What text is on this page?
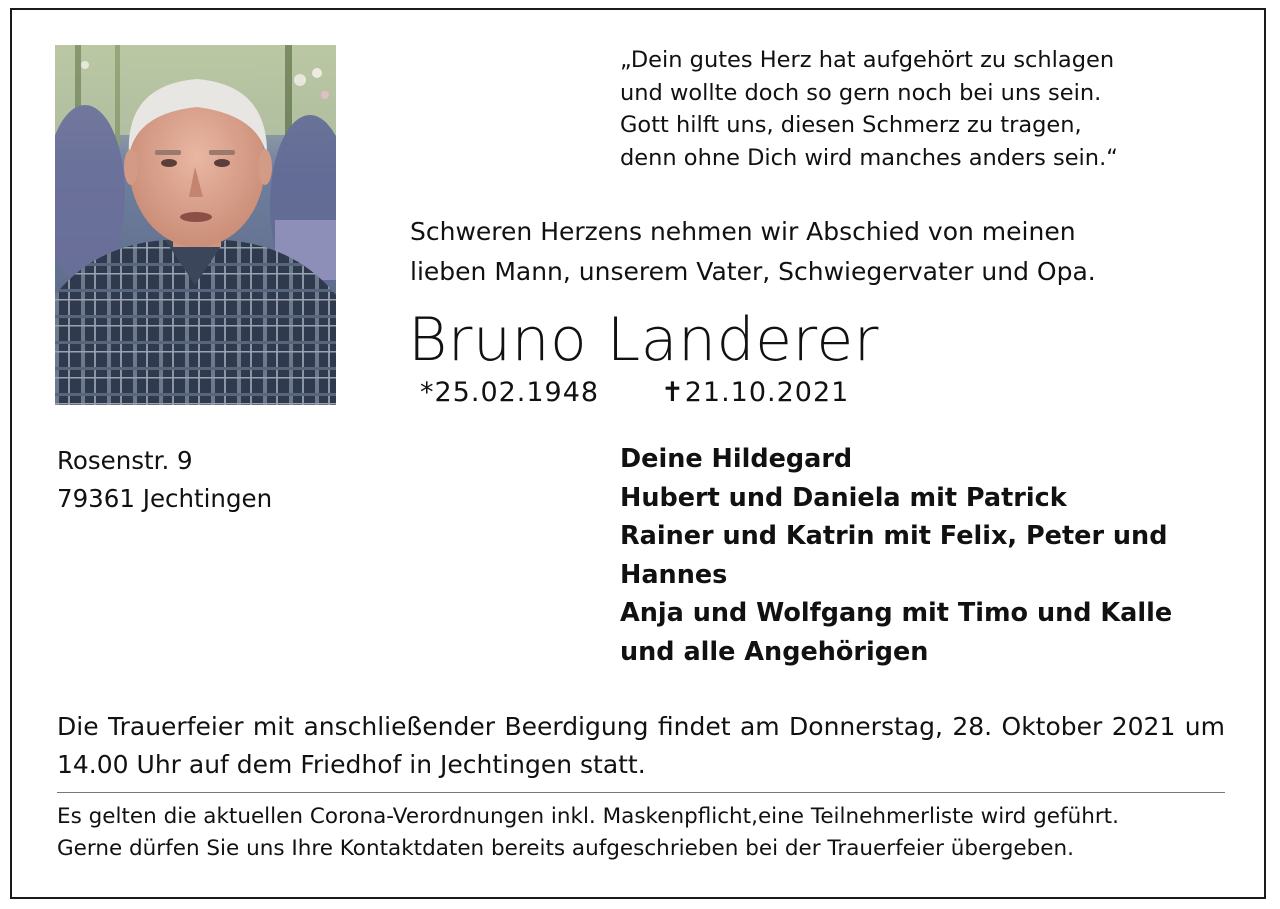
„Dein gutes Herz hat aufgehört zu schlagen
und wollte doch so gern noch bei uns sein.
Gott hilft uns, diesen Schmerz zu tragen,
denn ohne Dich wird manches anders sein.“
Schweren Herzens nehmen wir Abschied von meinen
lieben Mann, unserem Vater, Schwiegervater und Opa.
Bruno Landerer
*25.02.1948 ✝21.10.2021
Rosenstr. 9
79361 Jechtingen
Deine Hildegard
Hubert und Daniela mit Patrick
Rainer und Katrin mit Felix, Peter und Hannes
Anja und Wolfgang mit Timo und Kalle
und alle Angehörigen
Die Trauerfeier mit anschließender Beerdigung findet am Donnerstag, 28. Oktober 2021 um 14.00 Uhr auf dem Friedhof in Jechtingen statt.
Es gelten die aktuellen Corona-Verordnungen inkl. Maskenpflicht,eine Teilnehmerliste wird geführt.
Gerne dürfen Sie uns Ihre Kontaktdaten bereits aufgeschrieben bei der Trauerfeier übergeben.
